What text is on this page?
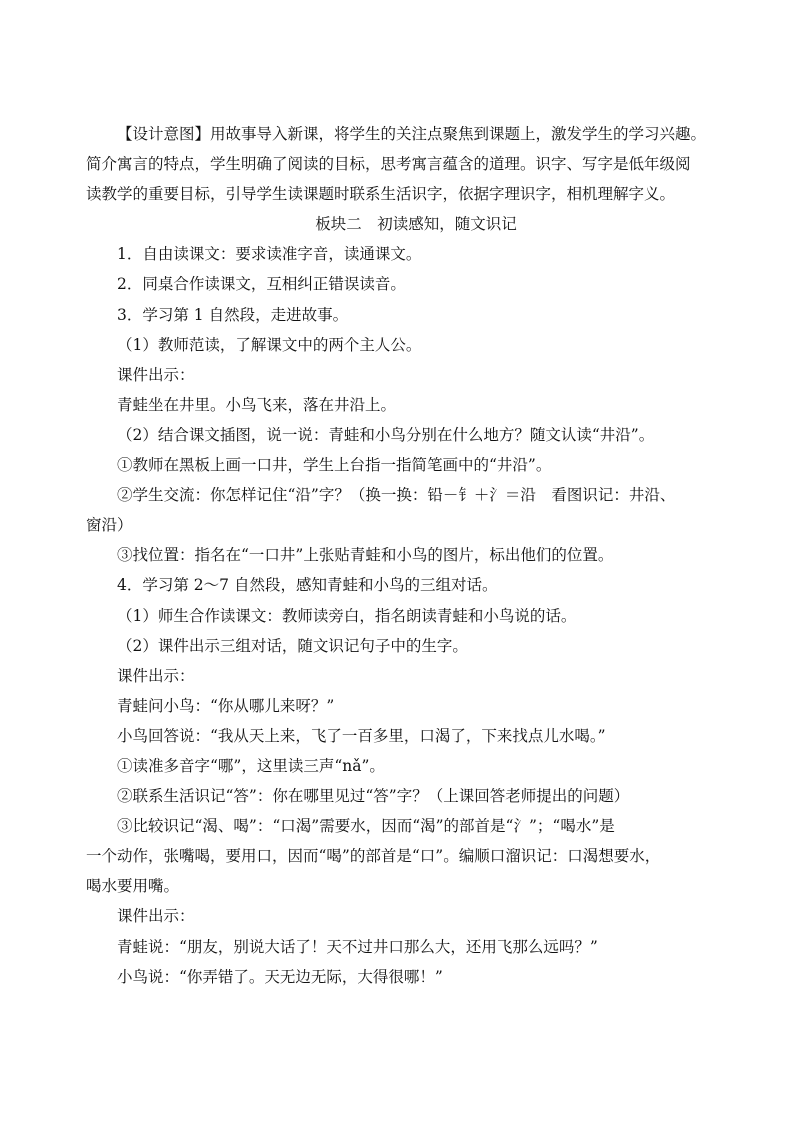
【设计意图】用故事导入新课，将学生的关注点聚焦到课题上，激发学生的学习兴趣。
简介寓言的特点，学生明确了阅读的目标，思考寓言蕴含的道理。识字、写字是低年级阅
读教学的重要目标，引导学生读课题时联系生活识字，依据字理识字，相机理解字义。
板块二　初读感知，随文识记
1．自由读课文：要求读准字音，读通课文。
2．同桌合作读课文，互相纠正错误读音。
3．学习第 1 自然段，走进故事。
（1）教师范读，了解课文中的两个主人公。
课件出示：
青蛙坐在井里。小鸟飞来，落在井沿上。
（2）结合课文插图，说一说：青蛙和小鸟分别在什么地方？随文认读“井沿”。
①教师在黑板上画一口井，学生上台指一指简笔画中的“井沿”。
②学生交流：你怎样记住“沿”字？（换一换：铅－钅＋氵＝沿　看图识记：井沿、
窗沿）
③找位置：指名在“一口井”上张贴青蛙和小鸟的图片，标出他们的位置。
4．学习第 2～7 自然段，感知青蛙和小鸟的三组对话。
（1）师生合作读课文：教师读旁白，指名朗读青蛙和小鸟说的话。
（2）课件出示三组对话，随文识记句子中的生字。
课件出示：
青蛙问小鸟：“你从哪儿来呀？”
小鸟回答说：“我从天上来，飞了一百多里，口渴了，下来找点儿水喝。”
①读准多音字“哪”，这里读三声“nǎ”。
②联系生活识记“答”：你在哪里见过“答”字？（上课回答老师提出的问题）
③比较识记“渴、喝”：“口渴”需要水，因而“渴”的部首是“氵”；“喝水”是
一个动作，张嘴喝，要用口，因而“喝”的部首是“口”。编顺口溜识记：口渴想要水，
喝水要用嘴。
课件出示：
青蛙说：“朋友，别说大话了！天不过井口那么大，还用飞那么远吗？”
小鸟说：“你弄错了。天无边无际，大得很哪！”
